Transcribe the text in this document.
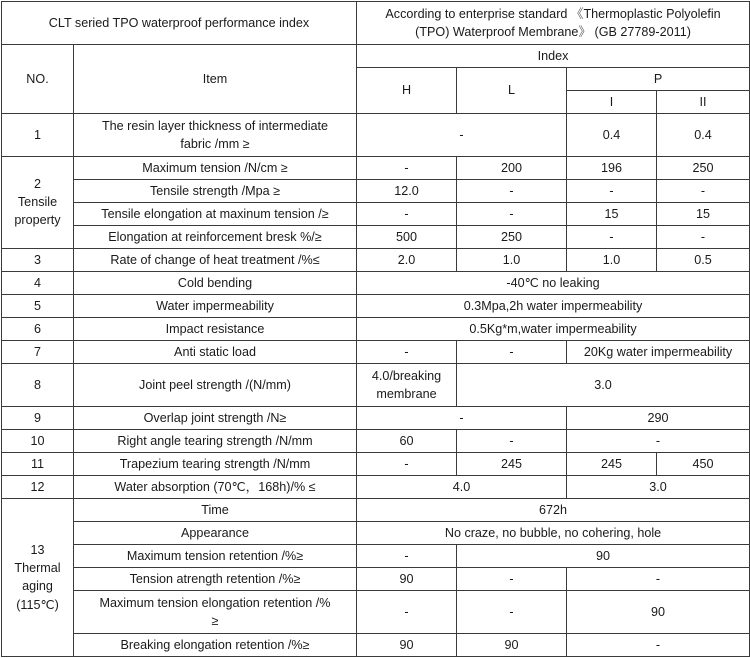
CLT seried TPO waterproof performance index		According to enterprise standard 《Thermoplastic Polyolefin
(TPO) Waterproof Membrane》 (GB 27789-2011)			

NO.	Item	Index			
		H	L	P	
				I	II
1	The resin layer thickness of intermediate
fabric /mm ≥	-		0.4	0.4

2
Tensile
property	Maximum tension /N/cm ≥	-	200	196	250
	Tensile strength /Mpa ≥	12.0	-	-	-
	Tensile elongation at maxinum tension /≥	-	-	15	15
	Elongation at reinforcement bresk %/≥	500	250	-	-
3	Rate of change of heat treatment /%≤	2.0	1.0	1.0	0.5
4	Cold bending	-40℃ no leaking			
5	Water impermeability	0.3Mpa,2h water impermeability			
6	Impact resistance	0.5Kg*m,water impermeability			
7	Anti static load	-	-	20Kg water impermeability	
8	Joint peel strength /(N/mm)	4.0/breaking membrane	3.0		
9	Overlap joint strength /N≥	-		290	
10	Right angle tearing strength /N/mm	60	-	-	
11	Trapezium tearing strength /N/mm	-	245	245	450
12	Water absorption (70℃，168h)/% ≤	4.0		3.0	

13
Thermal
aging
(115℃)	Time	672h			
	Appearance	No craze, no bubble, no cohering, hole			
	Maximum tension retention /%≥	-	90		
	Tension atrength retention /%≥	90	-	-	

	Maximum tension elongation retention /%
≥	-	-	90	
	Breaking elongation retention /%≥	90	90	-	
